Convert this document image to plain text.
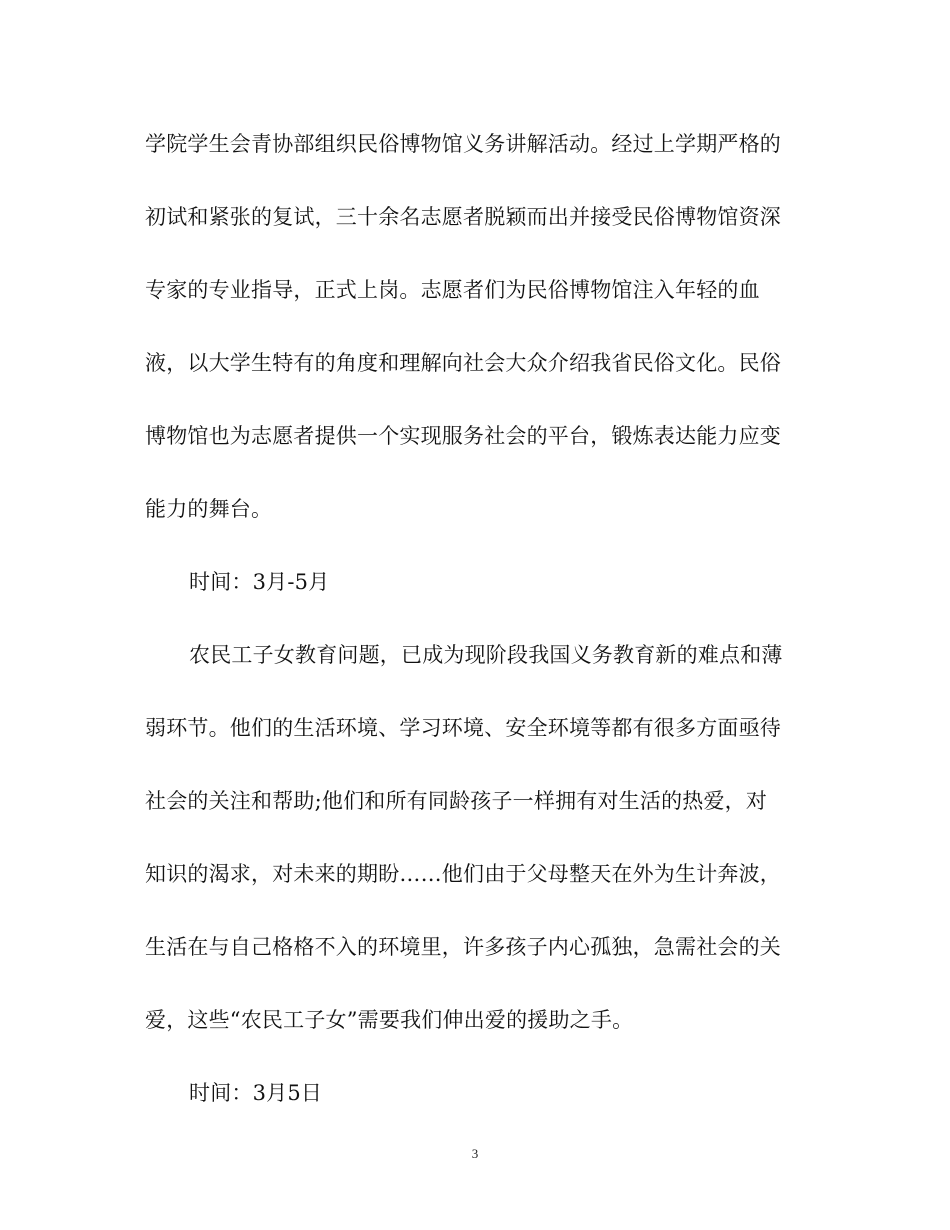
学院学生会青协部组织民俗博物馆义务讲解活动。经过上学期严格的
初试和紧张的复试，三十余名志愿者脱颖而出并接受民俗博物馆资深
专家的专业指导，正式上岗。志愿者们为民俗博物馆注入年轻的血
液，以大学生特有的角度和理解向社会大众介绍我省民俗文化。民俗
博物馆也为志愿者提供一个实现服务社会的平台，锻炼表达能力应变
能力的舞台。
时间：3月-5月
农民工子女教育问题，已成为现阶段我国义务教育新的难点和薄
弱环节。他们的生活环境、学习环境、安全环境等都有很多方面亟待
社会的关注和帮助;他们和所有同龄孩子一样拥有对生活的热爱，对
知识的渴求，对未来的期盼……他们由于父母整天在外为生计奔波，
生活在与自己格格不入的环境里，许多孩子内心孤独，急需社会的关
爱，这些“农民工子女”需要我们伸出爱的援助之手。
时间：3月5日
3
